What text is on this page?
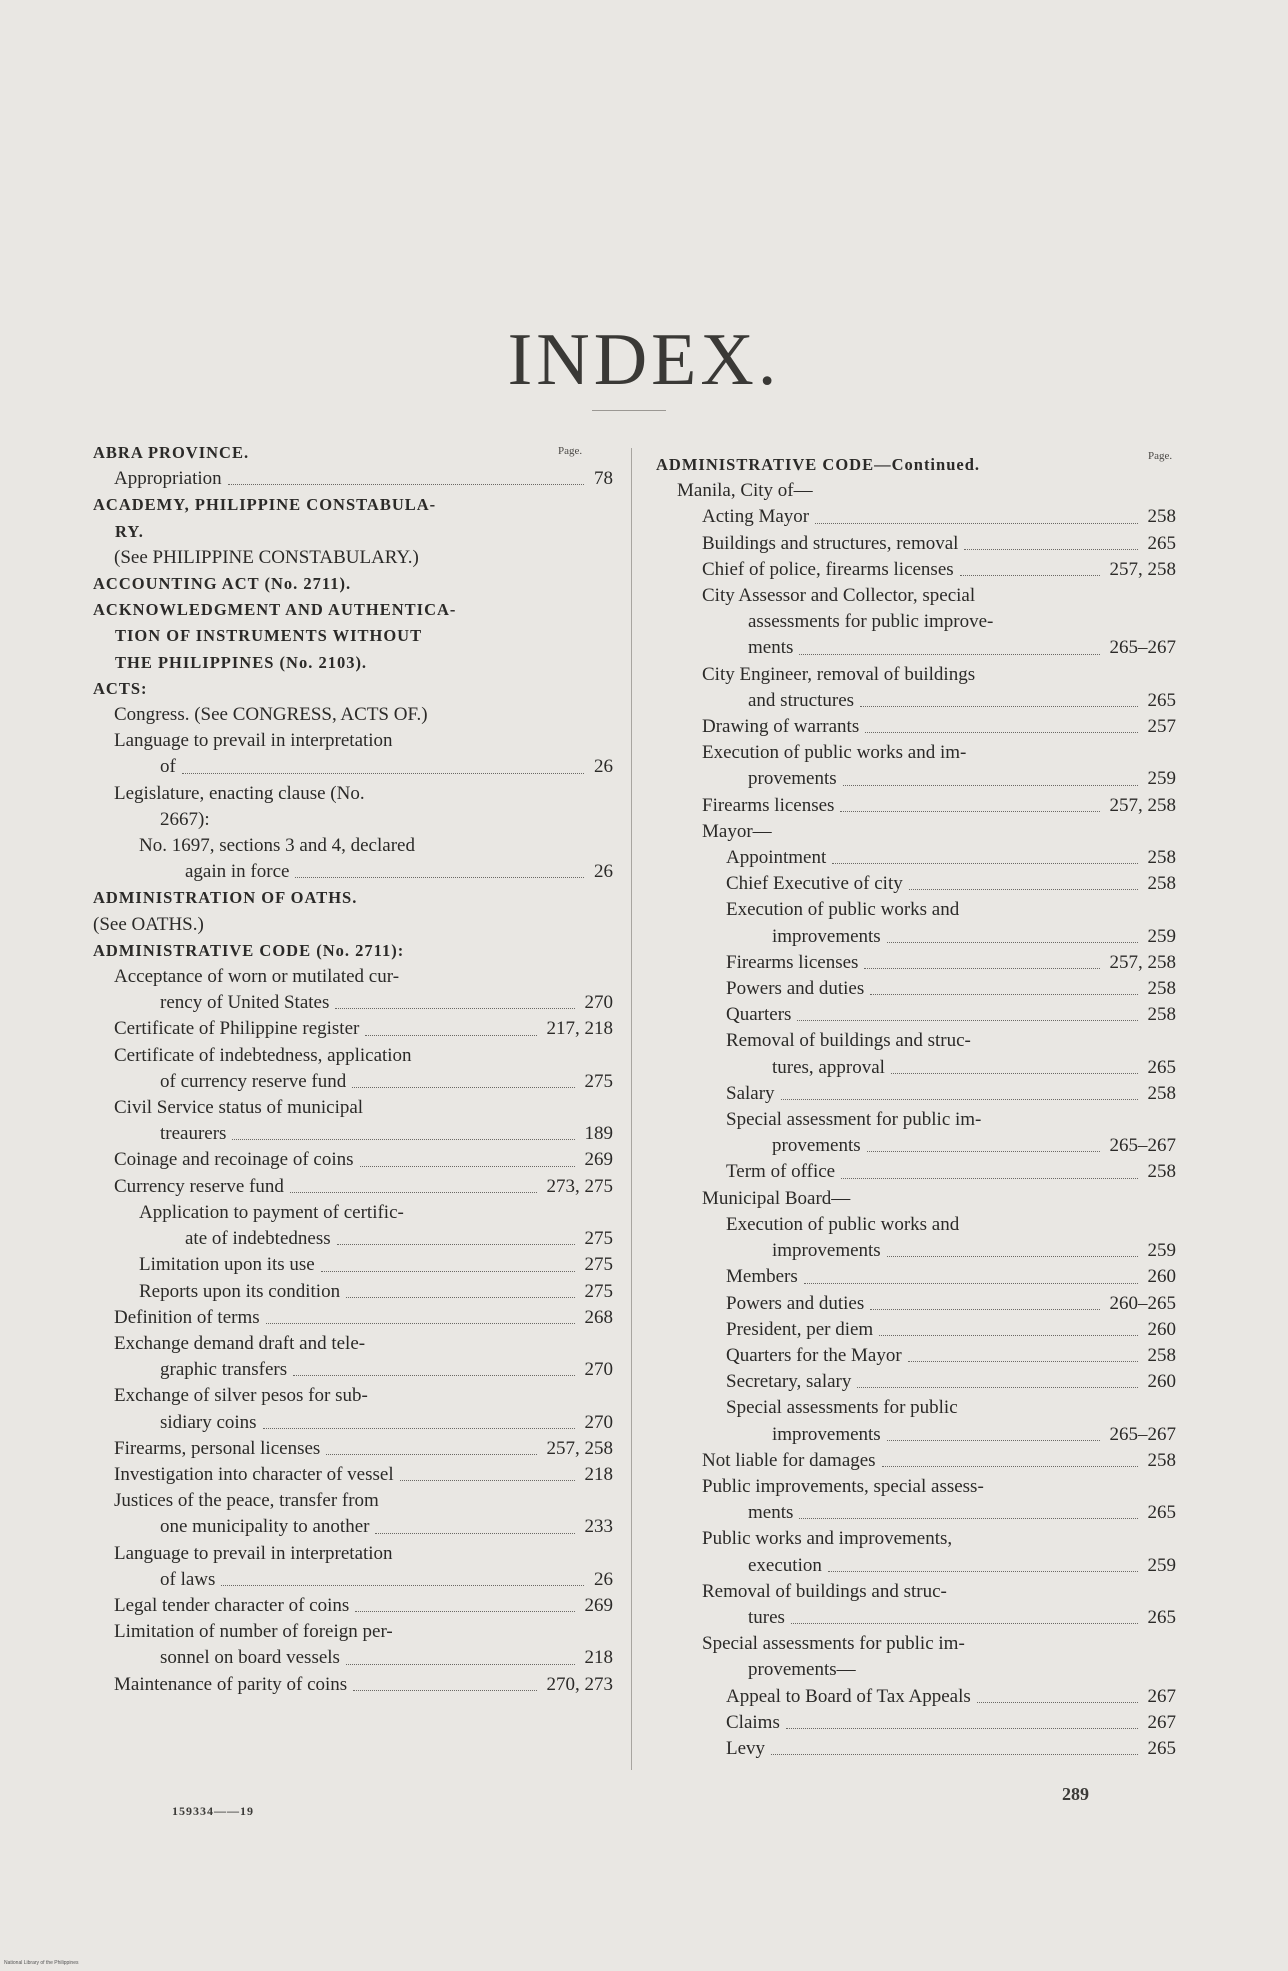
INDEX.
Page.	Page.
ABRA PROVINCE.
Appropriation	78
ACADEMY, PHILIPPINE CONSTABULA-
RY.
(See PHILIPPINE CONSTABULARY.)
ACCOUNTING ACT (No. 2711).
ACKNOWLEDGMENT AND AUTHENTICA-
TION OF INSTRUMENTS WITHOUT
THE PHILIPPINES (No. 2103).
ACTS:
Congress. (See CONGRESS, ACTS OF.)
Language to prevail in interpretation
of	26
Legislature, enacting clause (No.
2667):
No. 1697, sections 3 and 4, declared
again in force	26
ADMINISTRATION OF OATHS.
(See OATHS.)
ADMINISTRATIVE CODE (No. 2711):
Acceptance of worn or mutilated cur-
rency of United States	270
Certificate of Philippine register	217, 218
Certificate of indebtedness, application
of currency reserve fund	275
Civil Service status of municipal
treaurers	189
Coinage and recoinage of coins	269
Currency reserve fund	273, 275
Application to payment of certific-
ate of indebtedness	275
Limitation upon its use	275
Reports upon its condition	275
Definition of terms	268
Exchange demand draft and tele-
graphic transfers	270
Exchange of silver pesos for sub-
sidiary coins	270
Firearms, personal licenses	257, 258
Investigation into character of vessel	218
Justices of the peace, transfer from
one municipality to another	233
Language to prevail in interpretation
of laws	26
Legal tender character of coins	269
Limitation of number of foreign per-
sonnel on board vessels	218
Maintenance of parity of coins	270, 273
ADMINISTRATIVE CODE—Continued.
Manila, City of—
Acting Mayor	258
Buildings and structures, removal	265
Chief of police, firearms licenses	257, 258
City Assessor and Collector, special
assessments for public improve-
ments	265–267
City Engineer, removal of buildings
and structures	265
Drawing of warrants	257
Execution of public works and im-
provements	259
Firearms licenses	257, 258
Mayor—
Appointment	258
Chief Executive of city	258
Execution of public works and
improvements	259
Firearms licenses	257, 258
Powers and duties	258
Quarters	258
Removal of buildings and struc-
tures, approval	265
Salary	258
Special assessment for public im-
provements	265–267
Term of office	258
Municipal Board—
Execution of public works and
improvements	259
Members	260
Powers and duties	260–265
President, per diem	260
Quarters for the Mayor	258
Secretary, salary	260
Special assessments for public
improvements	265–267
Not liable for damages	258
Public improvements, special assess-
ments	265
Public works and improvements,
execution	259
Removal of buildings and struc-
tures	265
Special assessments for public im-
provements—
Appeal to Board of Tax Appeals	267
Claims	267
Levy	265
159334——19
289
National Library of the Philippines
